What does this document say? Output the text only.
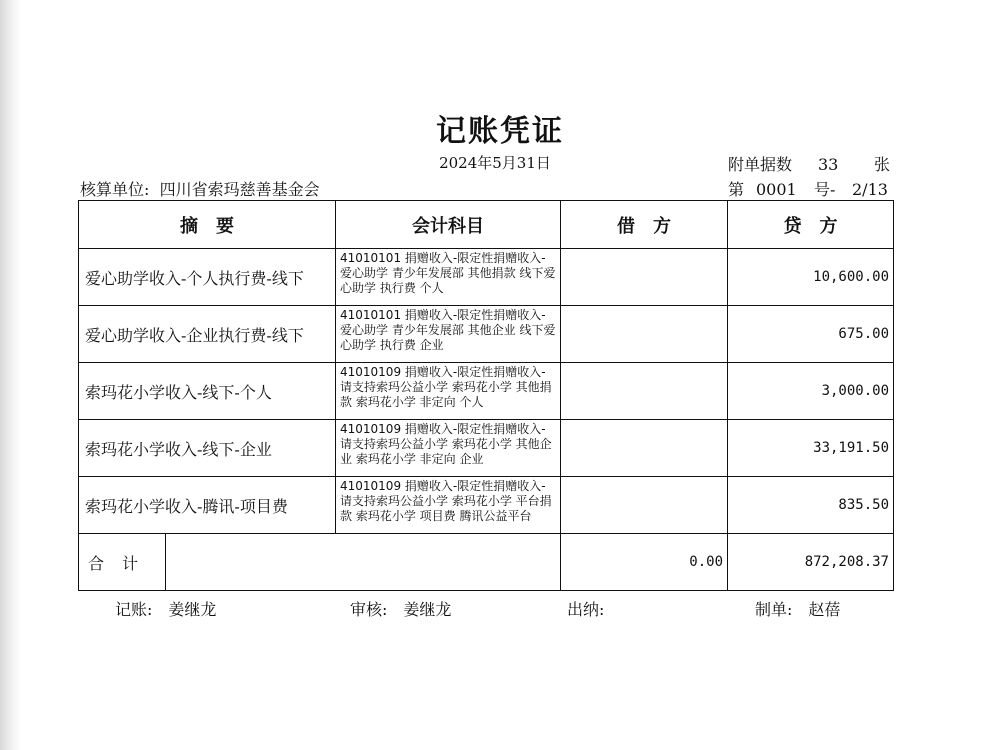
记账凭证
2024年5月31日	附单据数 33 张
核算单位: 四川省索玛慈善基金会	第 0001 号- 2/13
摘　要		会计科目	借　方	贷　方
爱心助学收入-个人执行费-线下		41010101 捐赠收入-限定性捐赠收入-爱心助学 青少年发展部 其他捐款 线下爱心助学 执行费 个人		10,600.00
爱心助学收入-企业执行费-线下		41010101 捐赠收入-限定性捐赠收入-爱心助学 青少年发展部 其他企业 线下爱心助学 执行费 企业		675.00
索玛花小学收入-线下-个人		41010109 捐赠收入-限定性捐赠收入-请支持索玛公益小学 索玛花小学 其他捐款 索玛花小学 非定向 个人		3,000.00
索玛花小学收入-线下-企业		41010109 捐赠收入-限定性捐赠收入-请支持索玛公益小学 索玛花小学 其他企业 索玛花小学 非定向 企业		33,191.50
索玛花小学收入-腾讯-项目费		41010109 捐赠收入-限定性捐赠收入-请支持索玛公益小学 索玛花小学 平台捐款 索玛花小学 项目费 腾讯公益平台		835.50
合计			0.00	872,208.37
记账:　姜继龙	审核:　姜继龙	出纳:	制单:　赵蓓
